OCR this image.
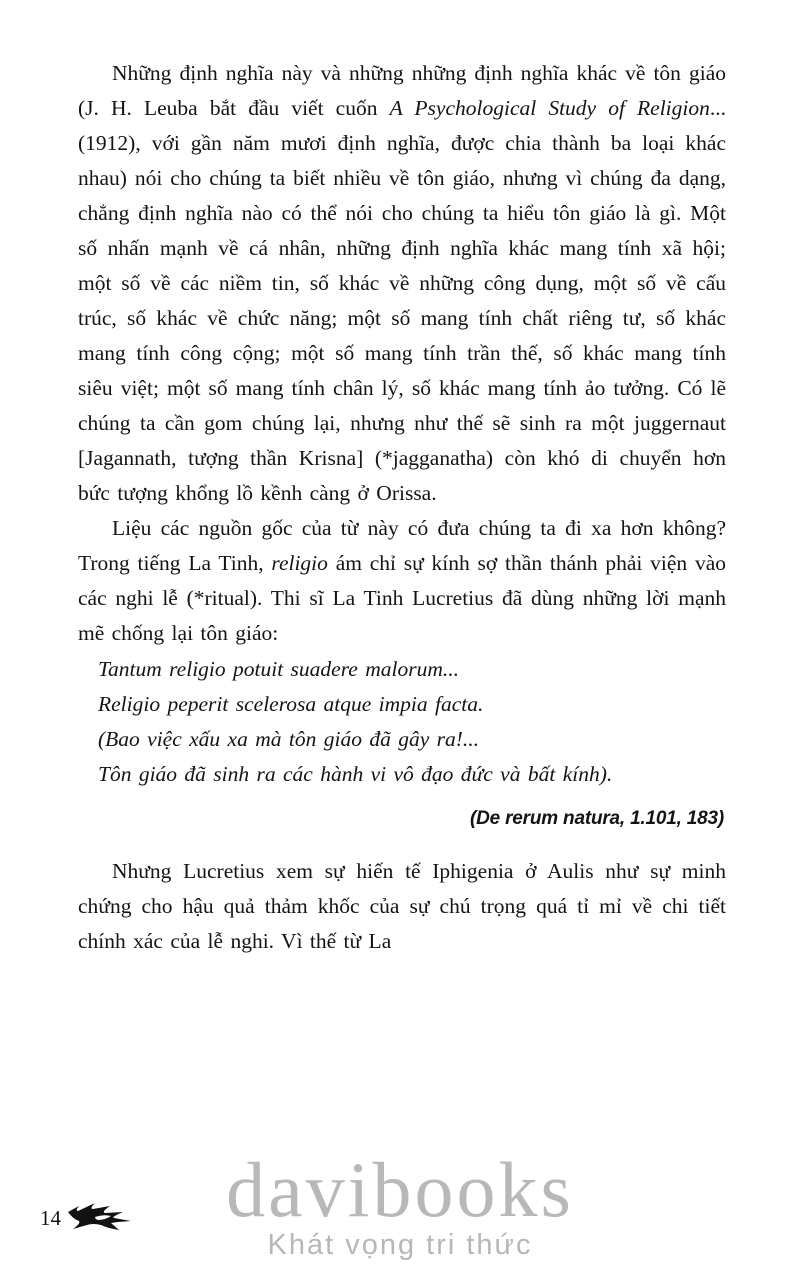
Những định nghĩa này và những những định nghĩa khác về tôn giáo (J. H. Leuba bắt đầu viết cuốn A Psychological Study of Religion... (1912), với gần năm mươi định nghĩa, được chia thành ba loại khác nhau) nói cho chúng ta biết nhiều về tôn giáo, nhưng vì chúng đa dạng, chẳng định nghĩa nào có thể nói cho chúng ta hiểu tôn giáo là gì. Một số nhấn mạnh về cá nhân, những định nghĩa khác mang tính xã hội; một số về các niềm tin, số khác về những công dụng, một số về cấu trúc, số khác về chức năng; một số mang tính chất riêng tư, số khác mang tính công cộng; một số mang tính trần thế, số khác mang tính siêu việt; một số mang tính chân lý, số khác mang tính ảo tưởng. Có lẽ chúng ta cần gom chúng lại, nhưng như thế sẽ sinh ra một juggernaut [Jagannath, tượng thần Krisna] (*jagganatha) còn khó di chuyển hơn bức tượng khổng lồ kềnh càng ở Orissa.

Liệu các nguồn gốc của từ này có đưa chúng ta đi xa hơn không? Trong tiếng La Tinh, religio ám chỉ sự kính sợ thần thánh phải viện vào các nghi lễ (*ritual). Thi sĩ La Tinh Lucretius đã dùng những lời mạnh mẽ chống lại tôn giáo:

Tantum religio potuit suadere malorum...

Religio peperit scelerosa atque impia facta.

(Bao việc xấu xa mà tôn giáo đã gây ra!...

Tôn giáo đã sinh ra các hành vi vô đạo đức và bất kính).

(De rerum natura, 1.101, 183)

Nhưng Lucretius xem sự hiến tế Iphigenia ở Aulis như sự minh chứng cho hậu quả thảm khốc của sự chú trọng quá tỉ mỉ về chi tiết chính xác của lễ nghi. Vì thế từ La

davibooks
Khát vọng tri thức
14
